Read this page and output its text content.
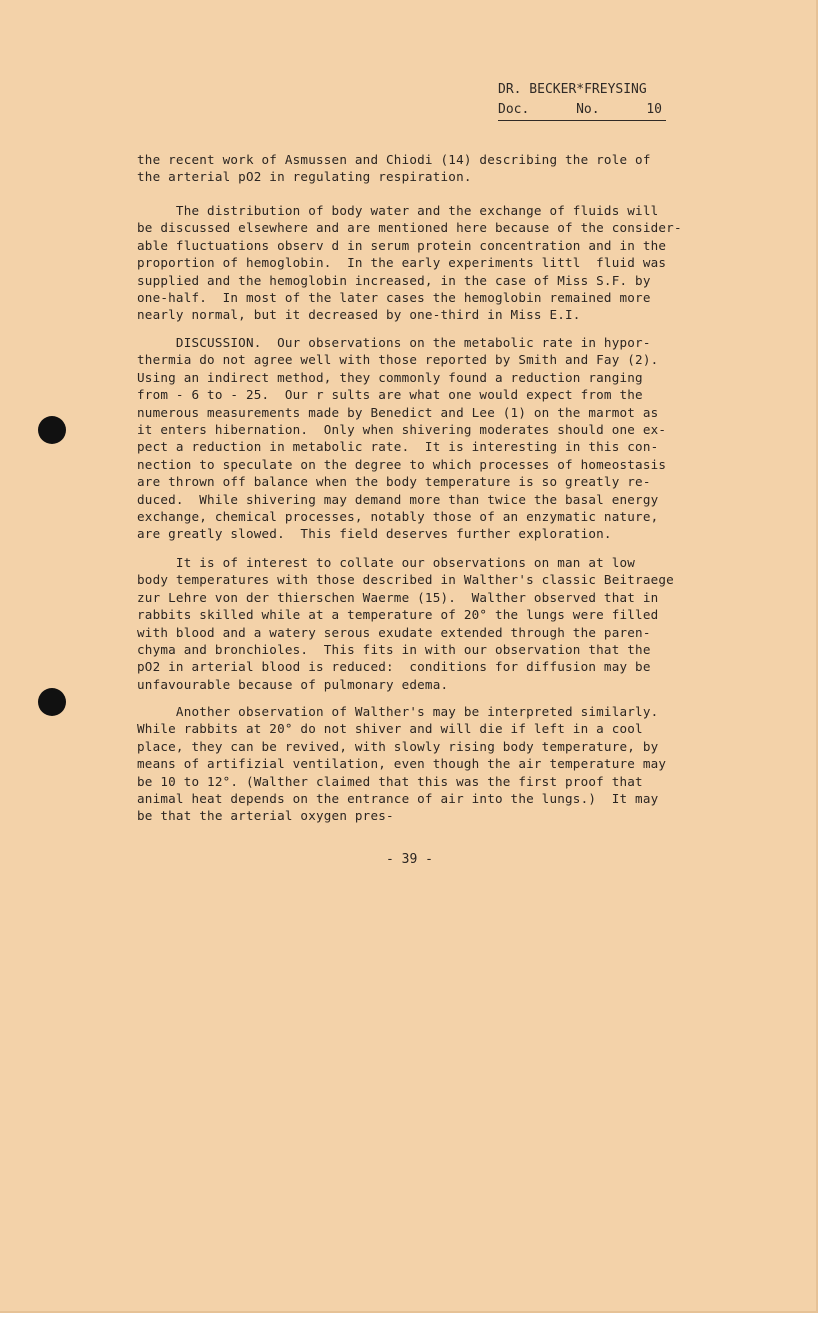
DR. BECKER*FREYSING
Doc.	No.	10
the recent work of Asmussen and Chiodi (14) describing the role of
the arterial pO2 in regulating respiration.
The distribution of body water and the exchange of fluids will
be discussed elsewhere and are mentioned here because of the consider-
able fluctuations observ d in serum protein concentration and in the
proportion of hemoglobin.  In the early experiments littl  fluid was
supplied and the hemoglobin increased, in the case of Miss S.F. by
one-half.  In most of the later cases the hemoglobin remained more
nearly normal, but it decreased by one-third in Miss E.I.
DISCUSSION.  Our observations on the metabolic rate in hypor-
thermia do not agree well with those reported by Smith and Fay (2).
Using an indirect method, they commonly found a reduction ranging
from - 6 to - 25.  Our r sults are what one would expect from the
numerous measurements made by Benedict and Lee (1) on the marmot as
it enters hibernation.  Only when shivering moderates should one ex-
pect a reduction in metabolic rate.  It is interesting in this con-
nection to speculate on the degree to which processes of homeostasis
are thrown off balance when the body temperature is so greatly re-
duced.  While shivering may demand more than twice the basal energy
exchange, chemical processes, notably those of an enzymatic nature,
are greatly slowed.  This field deserves further exploration.
It is of interest to collate our observations on man at low
body temperatures with those described in Walther's classic Beitraege
zur Lehre von der thierschen Waerme (15).  Walther observed that in
rabbits skilled while at a temperature of 20° the lungs were filled
with blood and a watery serous exudate extended through the paren-
chyma and bronchioles.  This fits in with our observation that the
pO2 in arterial blood is reduced:  conditions for diffusion may be
unfavourable because of pulmonary edema.
Another observation of Walther's may be interpreted similarly.
While rabbits at 20° do not shiver and will die if left in a cool
place, they can be revived, with slowly rising body temperature, by
means of artifizial ventilation, even though the air temperature may
be 10 to 12°. (Walther claimed that this was the first proof that
animal heat depends on the entrance of air into the lungs.)  It may
be that the arterial oxygen pres-
- 39 -
